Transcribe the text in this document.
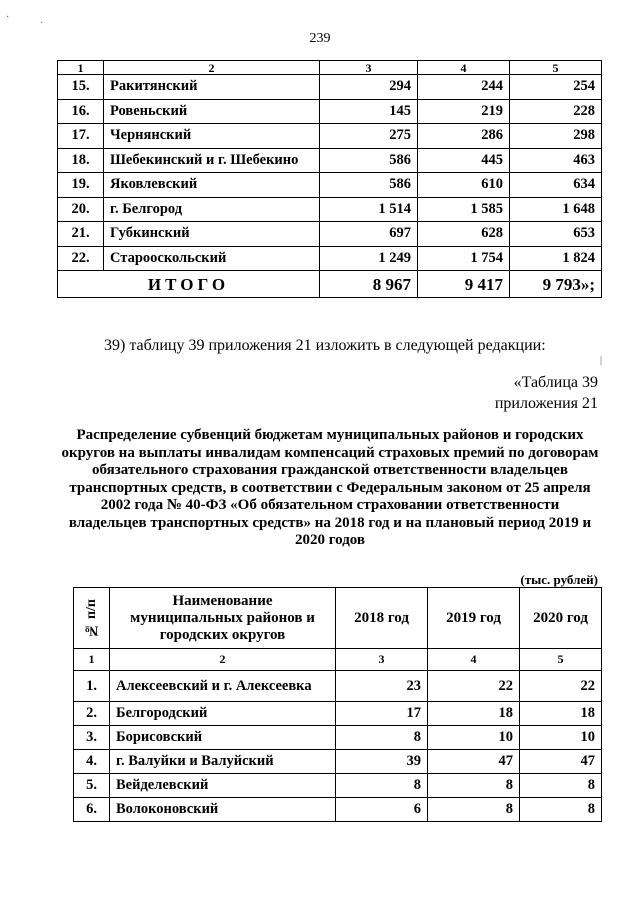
239
1	2	3	4	5
15.	Ракитянский	294	244	254
16.	Ровеньский	145	219	228
17.	Чернянский	275	286	298
18.	Шебекинский и г. Шебекино	586	445	463
19.	Яковлевский	586	610	634
20.	г. Белгород	1 514	1 585	1 648
21.	Губкинский	697	628	653
22.	Старооскольский	1 249	1 754	1 824
ИТОГО		8 967	9 417	9 793»;
39) таблицу 39 приложения 21 изложить в следующей редакции:
«Таблица 39
приложения 21
Распределение субвенций бюджетам муниципальных районов и городских округов на выплаты инвалидам компенсаций страховых премий по договорам обязательного страхования гражданской ответственности владельцев транспортных средств, в соответствии с Федеральным законом от 25 апреля 2002 года № 40-ФЗ «Об обязательном страховании ответственности владельцев транспортных средств» на 2018 год и на плановый период 2019 и 2020 годов
(тыс. рублей)
№ п/п	Наименование муниципальных районов и городских округов	2018 год	2019 год	2020 год
1	2	3	4	5
1.	Алексеевский и г. Алексеевка	23	22	22
2.	Белгородский	17	18	18
3.	Борисовский	8	10	10
4.	г. Валуйки и Валуйский	39	47	47
5.	Вейделевский	8	8	8
6.	Волоконовский	6	8	8
·
·
|
